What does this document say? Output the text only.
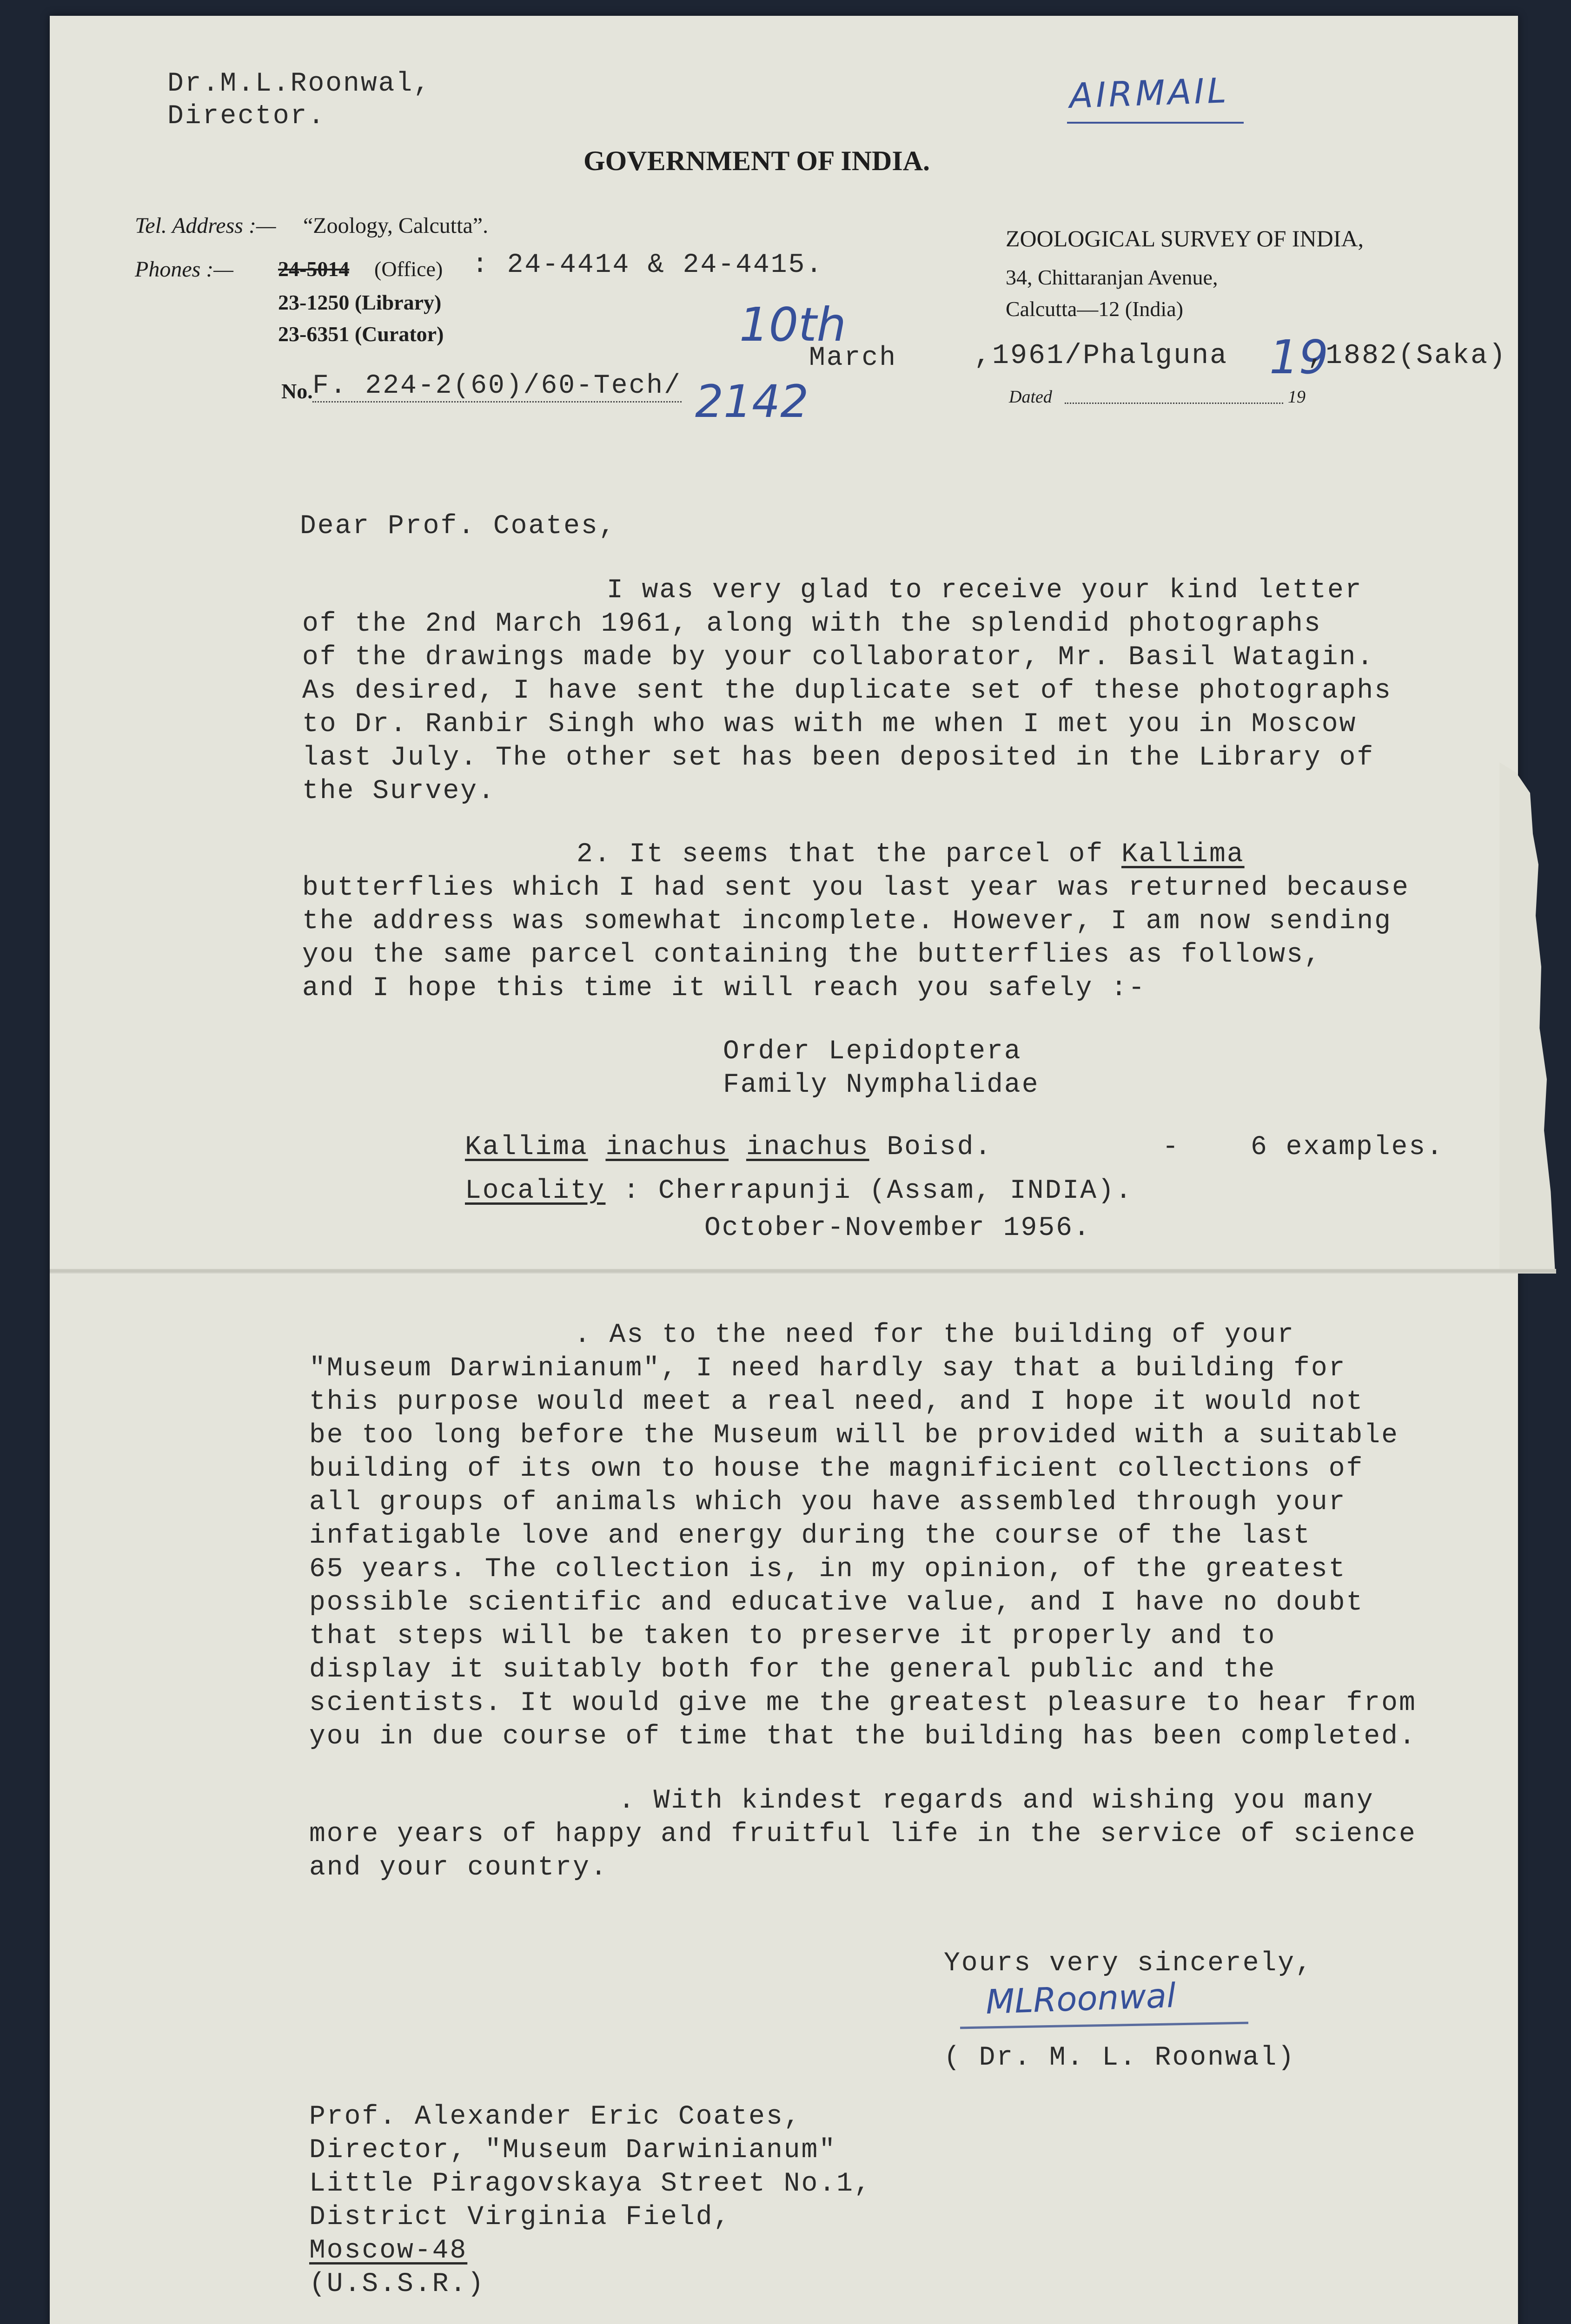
Dr.M.L.Roonwal,
Director.
AIRMAIL
GOVERNMENT OF INDIA.
Tel. Address :— “Zoology, Calcutta”.
Phones :— 24-5014 (Office) : 24-4414 & 24-4415.
23-1250 (Library)
23-6351 (Curator)
ZOOLOGICAL SURVEY OF INDIA,
34, Chittaranjan Avenue,
Calcutta—12 (India)
10th
March	,1961/Phalguna 19
,1882(Saka)
No. F. 224-2(60)/60-Tech/ 2142	Dated	19
Dear Prof. Coates,
I was very glad to receive your kind letter
of the 2nd March 1961, along with the splendid photographs
of the drawings made by your collaborator, Mr. Basil Watagin.
As desired, I have sent the duplicate set of these photographs
to Dr. Ranbir Singh who was with me when I met you in Moscow
last July. The other set has been deposited in the Library of
the Survey.
2. It seems that the parcel of Kallima
butterflies which I had sent you last year was returned because
the address was somewhat incomplete. However, I am now sending
you the same parcel containing the butterflies as follows,
and I hope this time it will reach you safely :-
Order Lepidoptera
Family Nymphalidae
Kallima inachus inachus Boisd.	-	6 examples.
Locality : Cherrapunji (Assam, INDIA).
October-November 1956.
. As to the need for the building of your
"Museum Darwinianum", I need hardly say that a building for
this purpose would meet a real need, and I hope it would not
be too long before the Museum will be provided with a suitable
building of its own to house the magnificient collections of
all groups of animals which you have assembled through your
infatigable love and energy during the course of the last
65 years. The collection is, in my opinion, of the greatest
possible scientific and educative value, and I have no doubt
that steps will be taken to preserve it properly and to
display it suitably both for the general public and the
scientists. It would give me the greatest pleasure to hear from
you in due course of time that the building has been completed.
. With kindest regards and wishing you many
more years of happy and fruitful life in the service of science
and your country.
Yours very sincerely,
MLRoonwal
( Dr. M. L. Roonwal)
Prof. Alexander Eric Coates,
Director, "Museum Darwinianum"
Little Piragovskaya Street No.1,
District Virginia Field,
Moscow-48
(U.S.S.R.)
